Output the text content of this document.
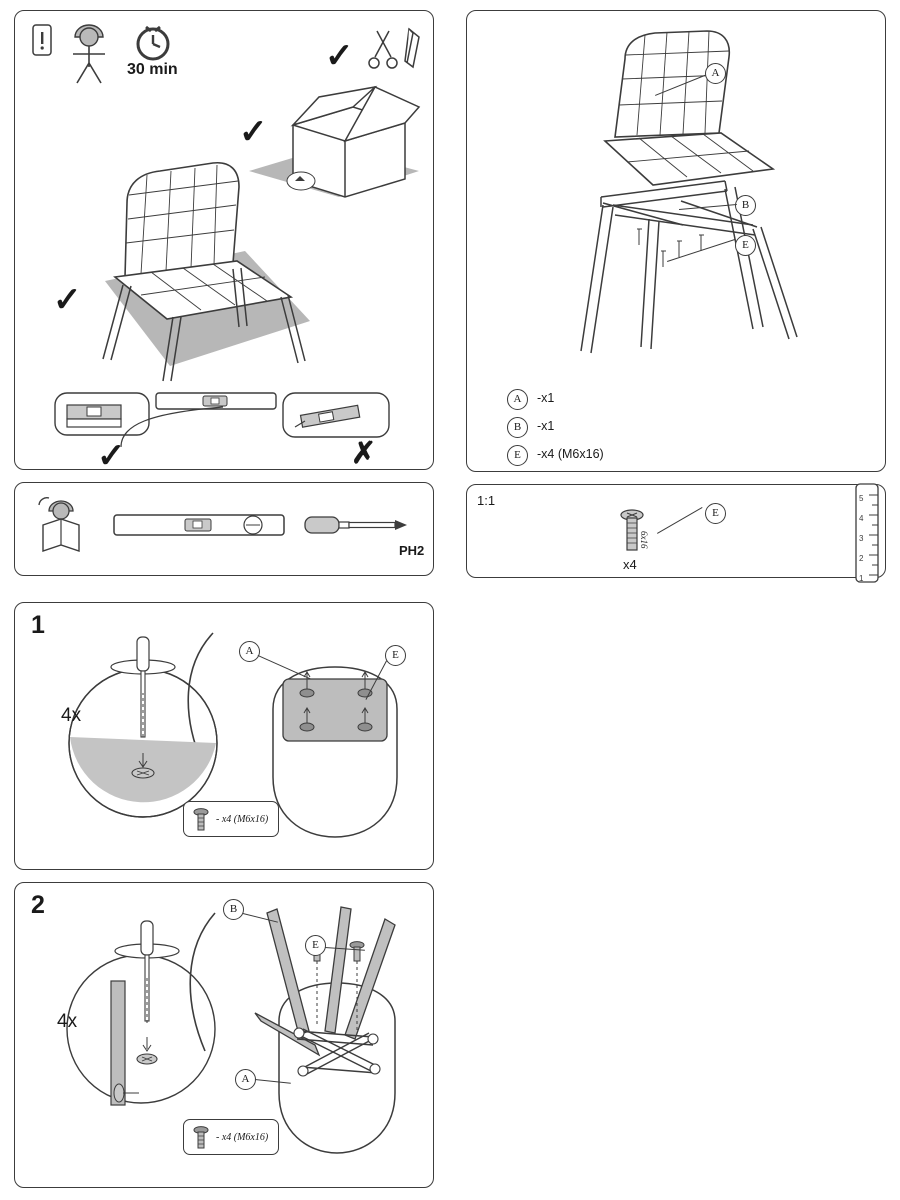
30 min
✓
✓
✓
✓	✗
PH2
A
B
E
A	-x1
B	-x1
E	-x4 (M6x16)
1:1
6x16
x4
E
5
4
3
2
1
1
4x
A	E
- x4 (M6x16)
2
4x
B
E
A
- x4 (M6x16)
